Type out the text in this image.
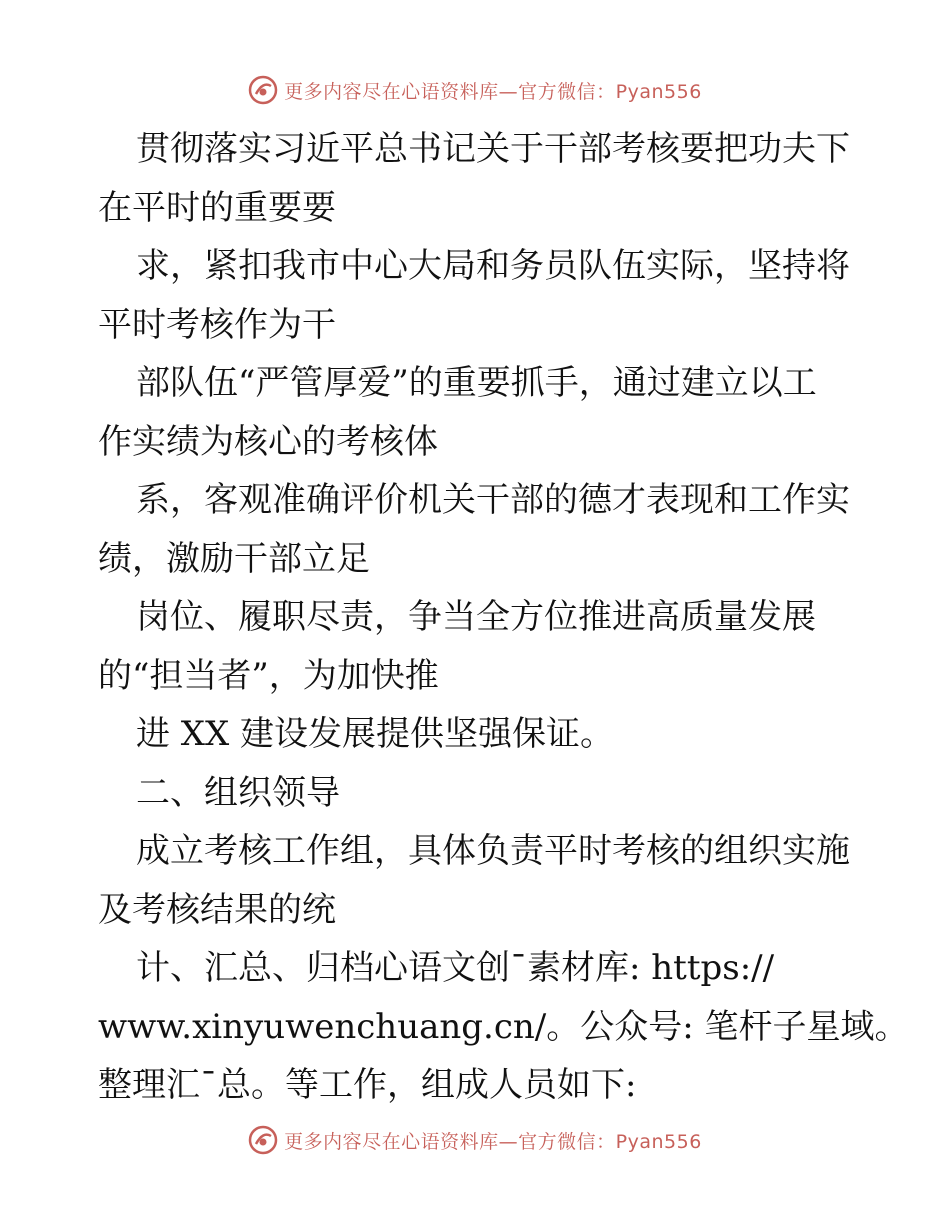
更多内容尽在心语资料库—官方微信：Pyan556
贯彻落实习近平总书记关于干部考核要把功夫下
在平时的重要要
求，紧扣我市中心大局和务员队伍实际，坚持将
平时考核作为干
部队伍“严管厚爱”的重要抓手，通过建立以工
作实绩为核心的考核体
系，客观准确评价机关干部的德才表现和工作实
绩，激励干部立足
岗位、履职尽责，争当全方位推进高质量发展
的“担当者”，为加快推
进 XX 建设发展提供坚强保证。
二、组织领导
成立考核工作组，具体负责平时考核的组织实施
及考核结果的统
计、汇总、归档心语文创¯素材库: https://
www.xinyuwenchuang.cn/。公众号: 笔杆子星域。
整理汇¯总。等工作，组成人员如下:
更多内容尽在心语资料库—官方微信：Pyan556
